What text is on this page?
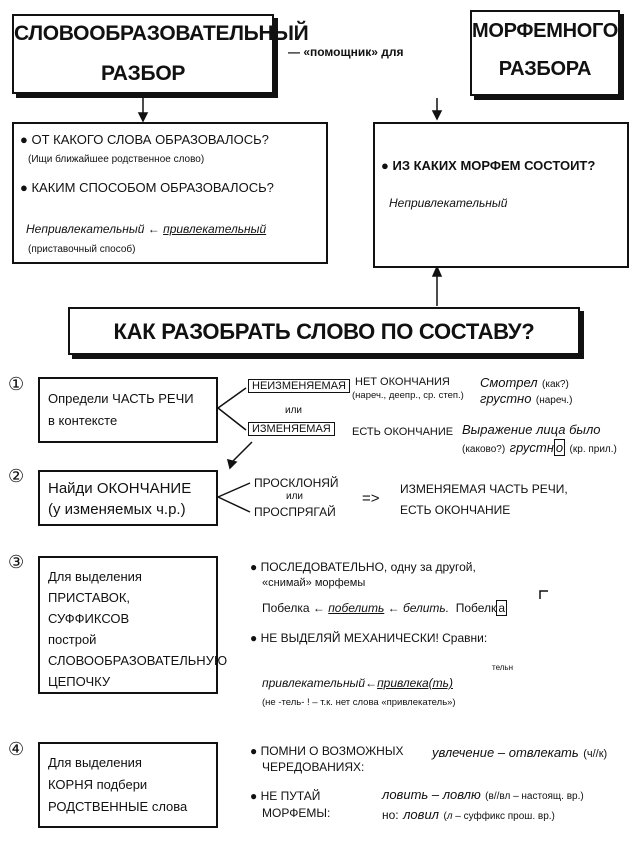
СЛОВООБРАЗОВАТЕЛЬНЫЙ
РАЗБОР
— «помощник» для
МОРФЕМНОГО
РАЗБОРА
● ОТ КАКОГО СЛОВА ОБРАЗОВАЛОСЬ?
(Ищи ближайшее родственное слово)
● КАКИМ СПОСОБОМ ОБРАЗОВАЛОСЬ?
Непривлекательный ← привлекательный
(приставочный способ)
● ИЗ КАКИХ МОРФЕМ СОСТОИТ?
Непривлекательный
КАК РАЗОБРАТЬ СЛОВО ПО СОСТАВУ?
①
Определи ЧАСТЬ РЕЧИ
в контексте
НЕИЗМЕНЯЕМАЯ
или
ИЗМЕНЯЕМАЯ
НЕТ ОКОНЧАНИЯ
(нареч., деепр., ср. степ.)
Смотрел (как?)
грустно (нареч.)
ЕСТЬ ОКОНЧАНИЕ Выражение лица было
(каково?) грустн о (кр. прил.)
②
Найди ОКОНЧАНИЕ
(у изменяемых ч.р.)
ПРОСКЛОНЯЙ
или
ПРОСПРЯГАЙ
=>
ИЗМЕНЯЕМАЯ ЧАСТЬ РЕЧИ,
ЕСТЬ ОКОНЧАНИЕ
③
Для выделения
ПРИСТАВОК,
СУФФИКСОВ
построй
СЛОВООБРАЗОВАТЕЛЬНУЮ
ЦЕПОЧКУ
● ПОСЛЕДОВАТЕЛЬНО, одну за другой,
«снимай» морфемы
Побелка ← побелить ← белить. Побелк а
● НЕ ВЫДЕЛЯЙ МЕХАНИЧЕСКИ! Сравни:
привлекательный←привлека(ть)
тельн
(не -тель- ! – т.к. нет слова «привлекатель»)
④
Для выделения
КОРНЯ подбери
РОДСТВЕННЫЕ слова
● ПОМНИ О ВОЗМОЖНЫХ
ЧЕРЕДОВАНИЯХ:
увлечение – отвлекать (ч//к)
● НЕ ПУТАЙ
МОРФЕМЫ:
ловить – ловлю (в//вл – настоящ. вр.)
но: ловил (л – суффикс прош. вр.)
